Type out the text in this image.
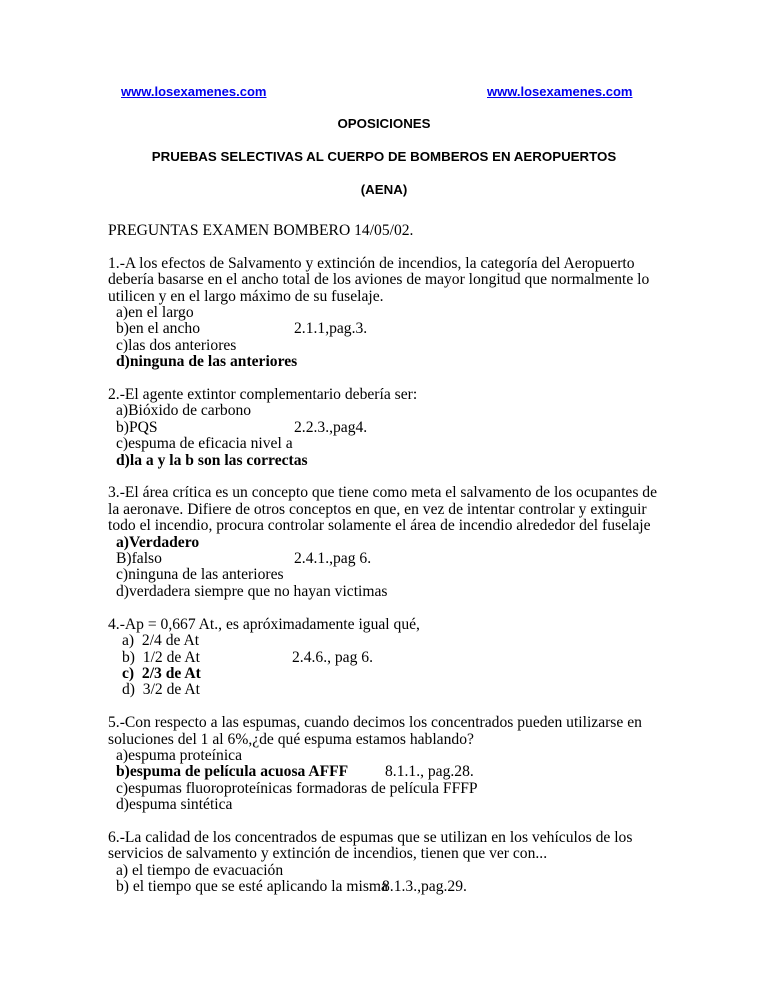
www.losexamenes.com	www.losexamenes.com
OPOSICIONES
PRUEBAS SELECTIVAS AL CUERPO DE BOMBEROS EN AEROPUERTOS
(AENA)
PREGUNTAS EXAMEN BOMBERO 14/05/02.
1.-A los efectos de Salvamento y extinción de incendios, la categoría del Aeropuerto debería basarse en el ancho total de los aviones de mayor longitud que normalmente lo utilicen y en el largo máximo de su fuselaje.
a)en el largo
b)en el ancho	2.1.1,pag.3.
c)las dos anteriores
d)ninguna de las anteriores
2.-El agente extintor complementario debería ser:
a)Bióxido de carbono
b)PQS	2.2.3.,pag4.
c)espuma de eficacia nivel a
d)la a y la b son las correctas
3.-El área crítica es un concepto que tiene como meta el salvamento de los ocupantes de la aeronave. Difiere de otros conceptos en que, en vez de intentar controlar y extinguir todo el incendio, procura controlar solamente el área de incendio alrededor del fuselaje
a)Verdadero
B)falso	2.4.1.,pag 6.
c)ninguna de las anteriores
d)verdadera siempre que no hayan victimas
4.-Ap = 0,667 At., es apróximadamente igual qué,
a)  2/4 de At
b)  1/2 de At	2.4.6., pag 6.
c)  2/3 de At
d)  3/2 de At
5.-Con respecto a las espumas, cuando decimos los concentrados pueden utilizarse en soluciones del 1 al 6%,¿de qué espuma estamos hablando?
a)espuma proteínica
b)espuma de película acuosa AFFF 8.1.1., pag.28.
c)espumas fluoroproteínicas formadoras de película FFFP
d)espuma sintética
6.-La calidad de los concentrados de espumas que se utilizan en los vehículos de los servicios de salvamento y extinción de incendios, tienen que ver con...
a) el tiempo de evacuación
b) el tiempo que se esté aplicando la misma
8.1.3.,pag.29.
